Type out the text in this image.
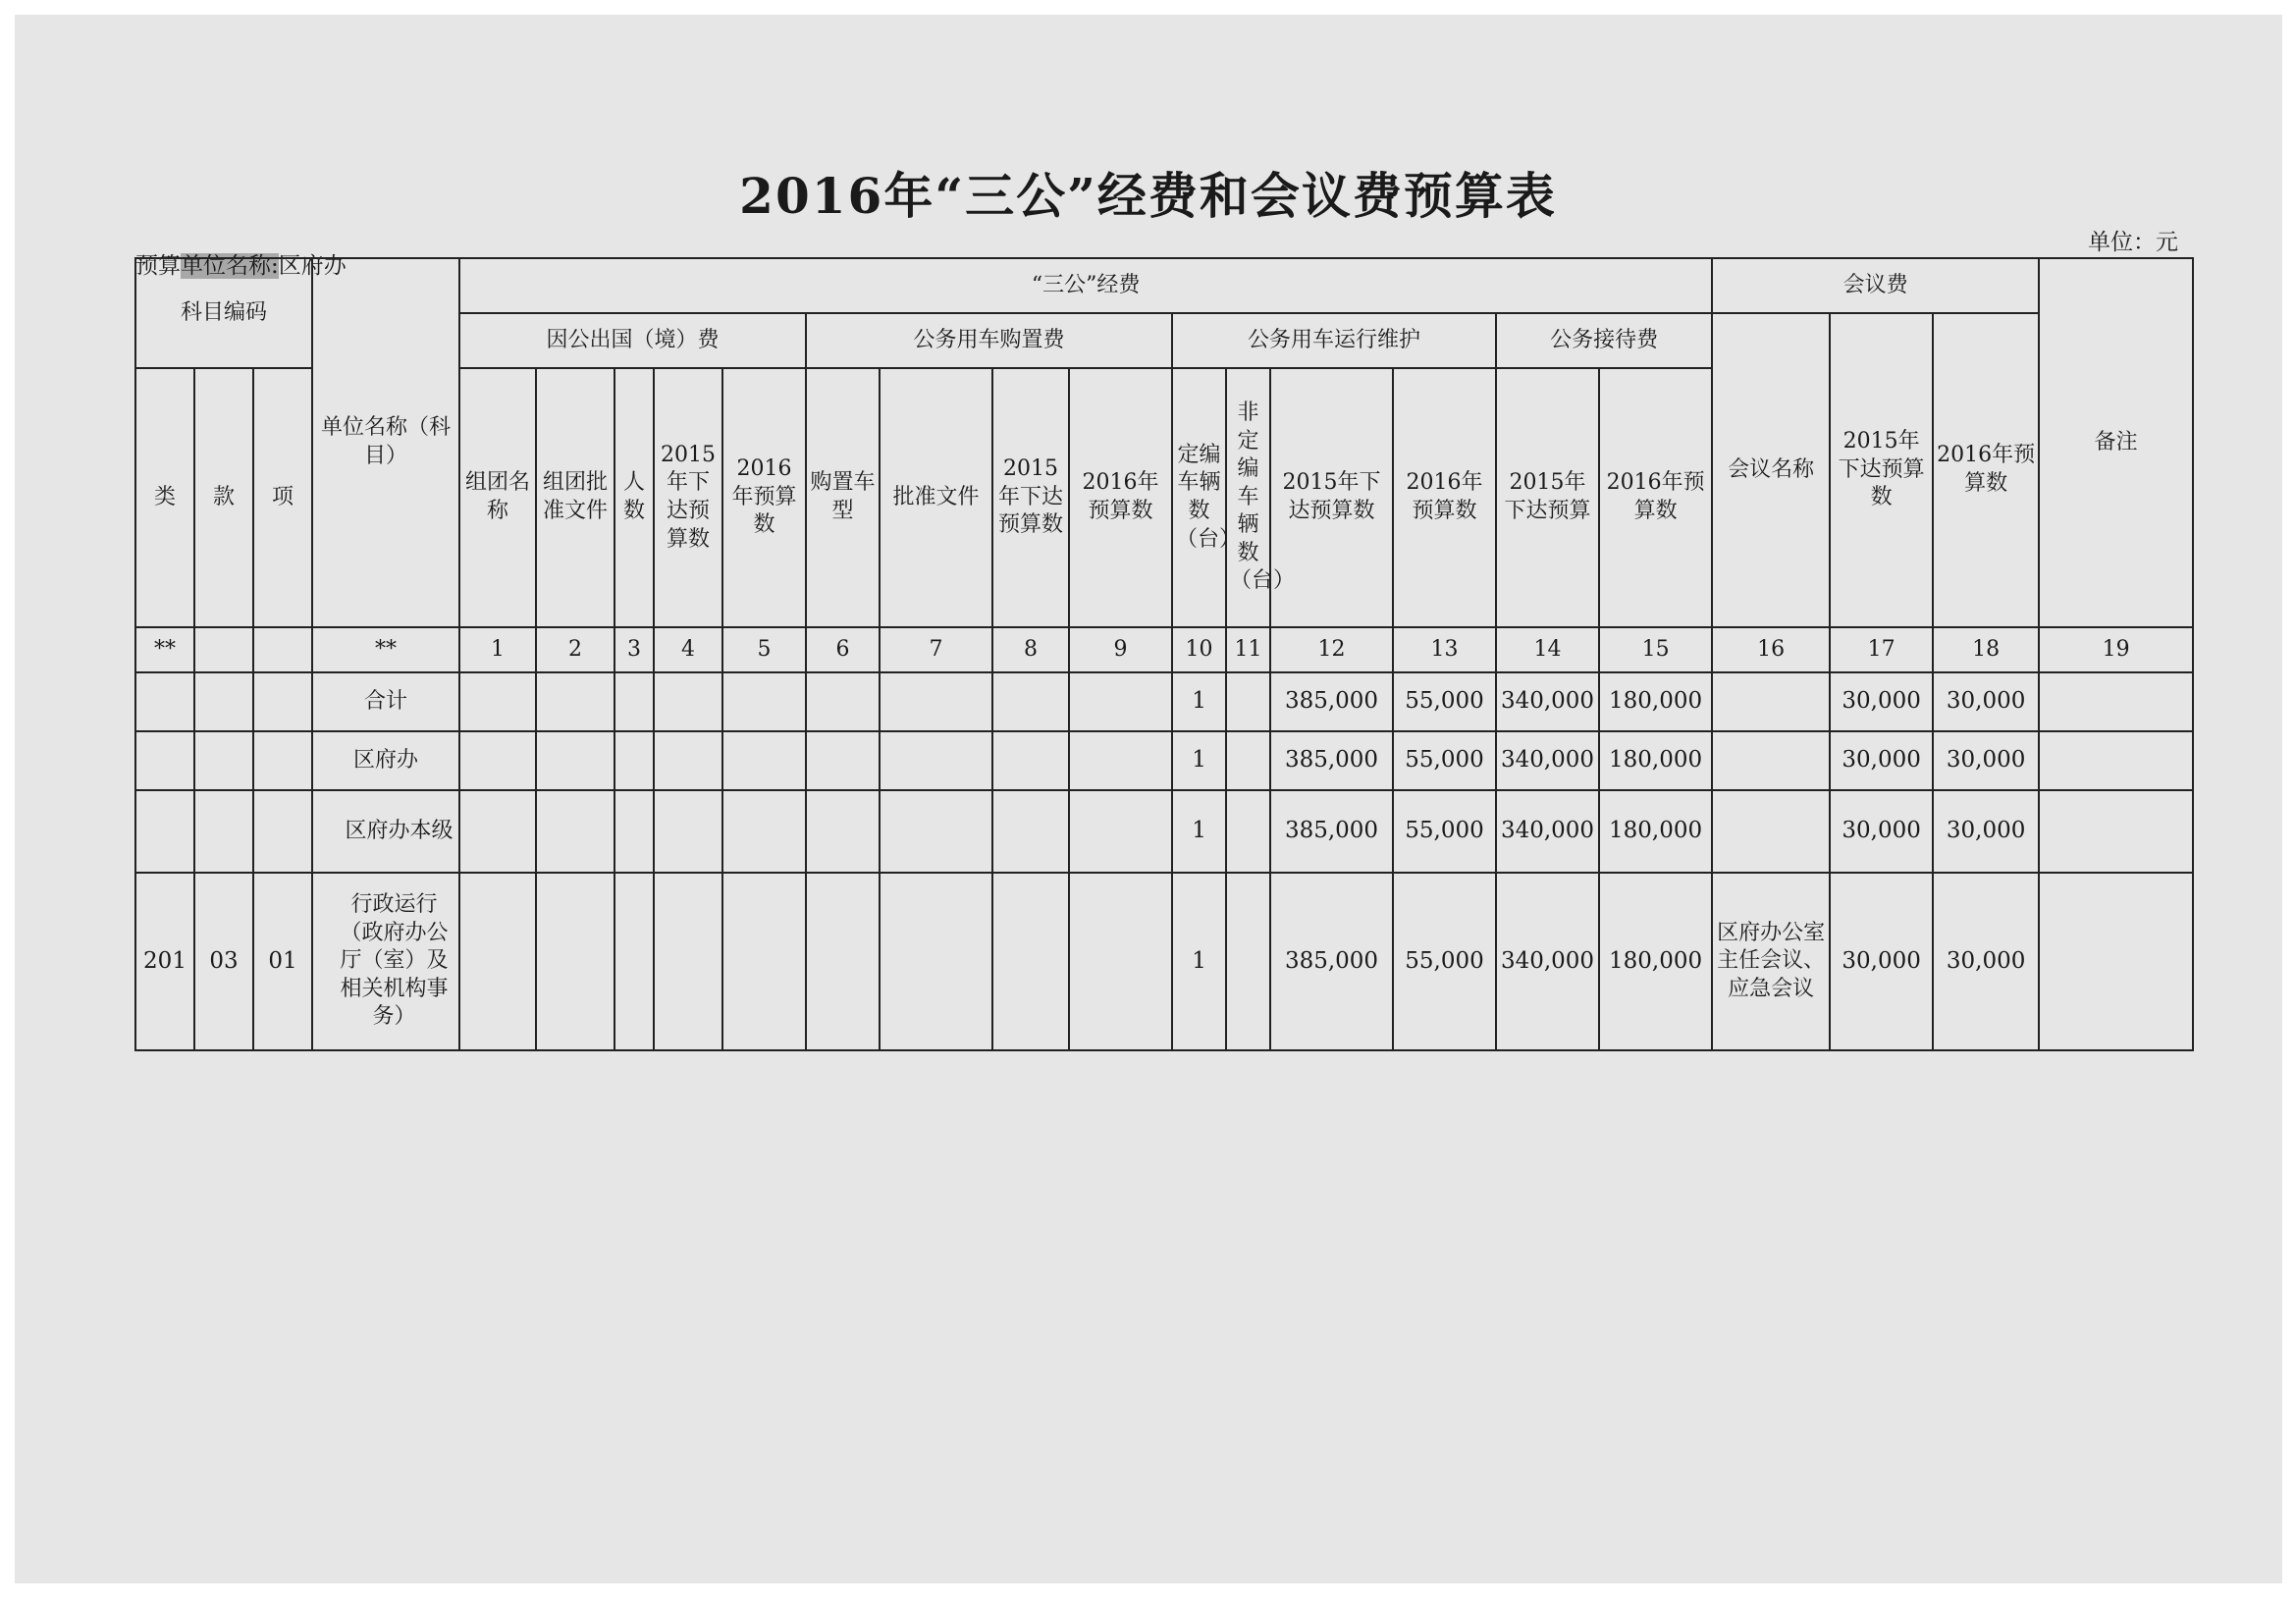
2016年“三公”经费和会议费预算表
单位：元
预算单位名称:区府办
科目编码			单位名称（科目）	“三公”经费															会议费			备注
				因公出国（境）费					公务用车购置费				公务用车运行维护				公务接待费		会议名称	2015年下达预算数	2016年预算数	
类	款	项		组团名称	组团批准文件	人数	2015年下达预算数	2016年预算数	购置车型	批准文件	2015年下达预算数	2016年预算数	定编车辆数（台）	非定编车辆数（台）	2015年下达预算数	2016年预算数	2015年下达预算	2016年预算数				
**			**	1	2	3	4	5	6	7	8	9	10	11	12	13	14	15	16	17	18	19
			合计										1		385,000	55,000	340,000	180,000		30,000	30,000	
			区府办										1		385,000	55,000	340,000	180,000		30,000	30,000	
			区府办本级										1		385,000	55,000	340,000	180,000		30,000	30,000	
201	03	01	行政运行（政府办公厅（室）及相关机构事务）										1		385,000	55,000	340,000	180,000	区府办公室主任会议、应急会议	30,000	30,000	
